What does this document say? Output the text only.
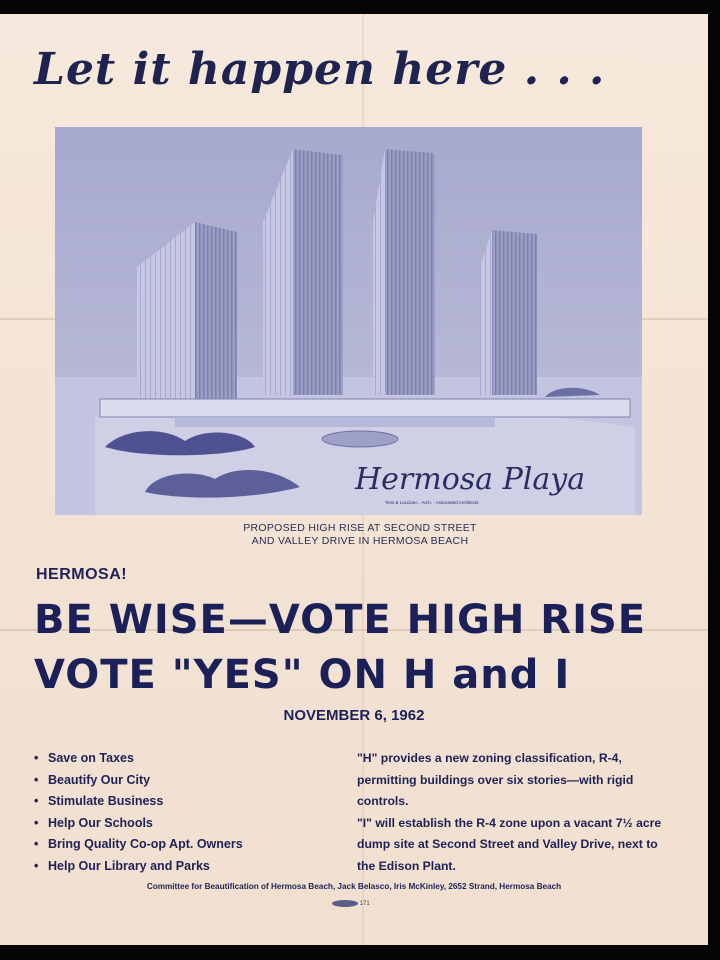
Let it happen here . . .
Hermosa Playa
Tess & Lucciano · Arch. · Associated Architects
PROPOSED HIGH RISE AT SECOND STREET
AND VALLEY DRIVE IN HERMOSA BEACH
HERMOSA!
BE WISE—VOTE HIGH RISE
VOTE "YES" ON H and I
NOVEMBER 6, 1962
• Save on Taxes
• Beautify Our City
• Stimulate Business
• Help Our Schools
• Bring Quality Co-op Apt. Owners
• Help Our Library and Parks

"H" provides a new zoning classification, R-4, permitting buildings over six stories—with rigid controls.

"I" will establish the R-4 zone upon a vacant 7½ acre dump site at Second Street and Valley Drive, next to the Edison Plant.

Committee for Beautification of Hermosa Beach, Jack Belasco, Iris McKinley, 2652 Strand, Hermosa Beach
171
